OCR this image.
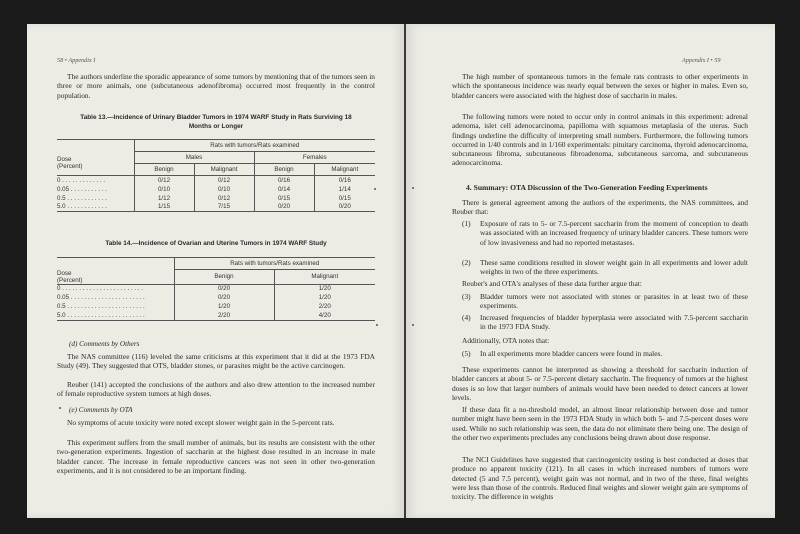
58 • Appendix I
The authors underline the sporadic appearance of some tumors by mentioning that of the tumors seen in three or more animals, one (subcutaneous adenofibroma) occurred most frequently in the control population.
Table 13.—Incidence of Urinary Bladder Tumors in 1974 WARF Study in Rats Surviving 18
Months or Longer
	Rats with tumors/Rats examined			

Dose
(Percent)	Males		Females	
	Benign	Malignant	Benign	Malignant
0 . . . . . . . . . . . . .	0/12	0/12	0/16	0/16
0.05 . . . . . . . . . . .	0/10	0/10	0/14	1/14
0.5 . . . . . . . . . . . .	1/12	0/12	0/15	0/15
5.0 . . . . . . . . . . . .	1/15	7/15	0/20	0/20
Table 14.—Incidence of Ovarian and Uterine Tumors in 1974 WARF Study
	Rats with tumors/Rats examined	

Dose
(Percent)	Benign	Malignant
0 . . . . . . . . . . . . . . . . . . . . . . . .	0/20	1/20
0.05 . . . . . . . . . . . . . . . . . . . . . .	0/20	1/20
0.5 . . . . . . . . . . . . . . . . . . . . . . .	1/20	2/20
5.0 . . . . . . . . . . . . . . . . . . . . . . .	2/20	4/20
(d) Comments by Others
The NAS committee (116) leveled the same criticisms at this experiment that it did at the 1973 FDA Study (49). They suggested that OTS, bladder stones, or parasites might be the active carcinogen.
Reuber (141) accepted the conclusions of the authors and also drew attention to the increased number of female reproductive system tumors at high doses.
(e) Comments by OTA
No symptoms of acute toxicity were noted except slower weight gain in the 5-percent rats.
This experiment suffers from the small number of animals, but its results are consistent with the other two-generation experiments. Ingestion of saccharin at the highest dose resulted in an increase in male bladder cancer. The increase in female reproductive cancers was not seen in other two-generation experiments, and it is not considered to be an important finding.
Appendix I • 59
The high number of spontaneous tumors in the female rats contrasts to other experiments in which the spontaneous incidence was nearly equal between the sexes or higher in males. Even so, bladder cancers were associated with the highest dose of saccharin in males.
The following tumors were noted to occur only in control animals in this experiment: adrenal adenoma, islet cell adenocarcinoma, papilloma with squamous metaplasia of the uterus. Such findings underline the difficulty of interpreting small numbers. Furthermore, the following tumors occurred in 1/40 controls and in 1/160 experimentals: pituitary carcinoma, thyroid adenocarcinoma, subcutaneous fibroma, subcutaneous fibroadenoma, subcutaneous sarcoma, and subcutaneous adenocarcinoma.
4. Summary: OTA Discussion of the Two-Generation Feeding Experiments
There is general agreement among the authors of the experiments, the NAS committees, and Reuber that:
(1) Exposure of rats to 5- or 7.5-percent saccharin from the moment of conception to death was associated with an increased frequency of urinary bladder cancers. These tumors were of low invasiveness and had no reported metastases.
(2) These same conditions resulted in slower weight gain in all experiments and lower adult weights in two of the three experiments.
Reuber's and OTA's analyses of these data further argue that:
(3) Bladder tumors were not associated with stones or parasites in at least two of these experiments.
(4) Increased frequencies of bladder hyperplasia were associated with 7.5-percent saccharin in the 1973 FDA Study.
Additionally, OTA notes that:
(5) In all experiments more bladder cancers were found in males.
These experiments cannot be interpreted as showing a threshold for saccharin induction of bladder cancers at about 5- or 7.5-percent dietary saccharin. The frequency of tumors at the highest doses is so low that larger numbers of animals would have been needed to detect cancers at lower levels.
If these data fit a no-threshold model, an almost linear relationship between dose and tumor number might have been seen in the 1973 FDA Study in which both 5- and 7.5-percent doses were used. While no such relationship was seen, the data do not eliminate there being one. The design of the other two experiments precludes any conclusions being drawn about dose response.
The NCI Guidelines have suggested that carcinogenicity testing is best conducted at doses that produce no apparent toxicity (121). In all cases in which increased numbers of tumors were detected (5 and 7.5 percent), weight gain was not normal, and in two of the three, final weights were less than those of the controls. Reduced final weights and slower weight gain are symptoms of toxicity. The difference in weights
